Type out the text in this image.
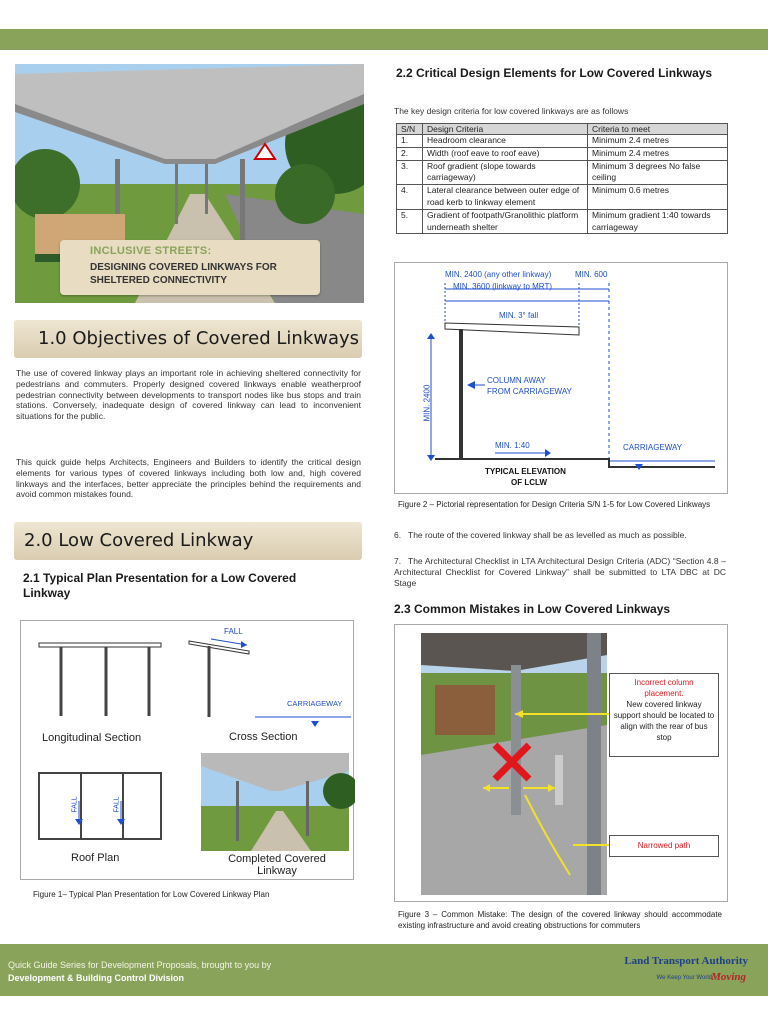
INCLUSIVE STREETS:
DESIGNING COVERED LINKWAYS FOR SHELTERED CONNECTIVITY
1.0 Objectives of Covered Linkways
The use of covered linkway plays an important role in achieving sheltered connectivity for pedestrians and commuters. Properly designed covered linkways enable weatherproof pedestrian connectivity between developments to transport nodes like bus stops and train stations. Conversely, inadequate design of covered linkway can lead to inconvenient situations for the public.
This quick guide helps Architects, Engineers and Builders to identify the critical design elements for various types of covered linkways including both low and, high covered linkways and the interfaces, better appreciate the principles behind the requirements and avoid common mistakes found.
2.0 Low Covered Linkway
2.1 Typical Plan Presentation for a Low Covered Linkway
FALL
CARRIAGEWAY
Longitudinal Section	Cross Section
FALL	FALL
Roof Plan	Completed Covered Linkway
Figure 1– Typical Plan Presentation for Low Covered Linkway Plan
2.2 Critical Design Elements for Low Covered Linkways
The key design criteria for low covered linkways are as follows
S/N	Design Criteria	Criteria to meet
1.	Headroom clearance	Minimum 2.4 metres
2.	Width (roof eave to roof eave)	Minimum 2.4 metres
3.	Roof gradient (slope towards carriageway)	Minimum 3 degrees No false ceiling
4.	Lateral clearance between outer edge of road kerb to linkway element	Minimum 0.6 metres
5.	Gradient of footpath/Granolithic platform underneath shelter	Minimum gradient 1:40 towards carriageway
MIN. 2400 (any other linkway)	MIN. 600
MIN. 3600 (linkway to MRT)
MIN. 3° fall
COLUMN AWAY
FROM CARRIAGEWAY
MIN. 2400
MIN. 1:40	CARRIAGEWAY
TYPICAL ELEVATION
OF LCLW
Figure 2 – Pictorial representation for Design Criteria S/N 1-5 for Low Covered Linkways
6. The route of the covered linkway shall be as levelled as much as possible.
7. The Architectural Checklist in LTA Architectural Design Criteria (ADC) “Section 4.8 – Architectural Checklist for Covered Linkway” shall be submitted to LTA DBC at DC Stage
2.3 Common Mistakes in Low Covered Linkways
Incorrect column placement.
New covered linkway support should be located to align with the rear of bus stop
Narrowed path
Figure 3 – Common Mistake: The design of the covered linkway should accommodate existing infrastructure and avoid creating obstructions for commuters
Quick Guide Series for Development Proposals, brought to you by
Development & Building Control Division
Land Transport Authority
We Keep Your World Moving
